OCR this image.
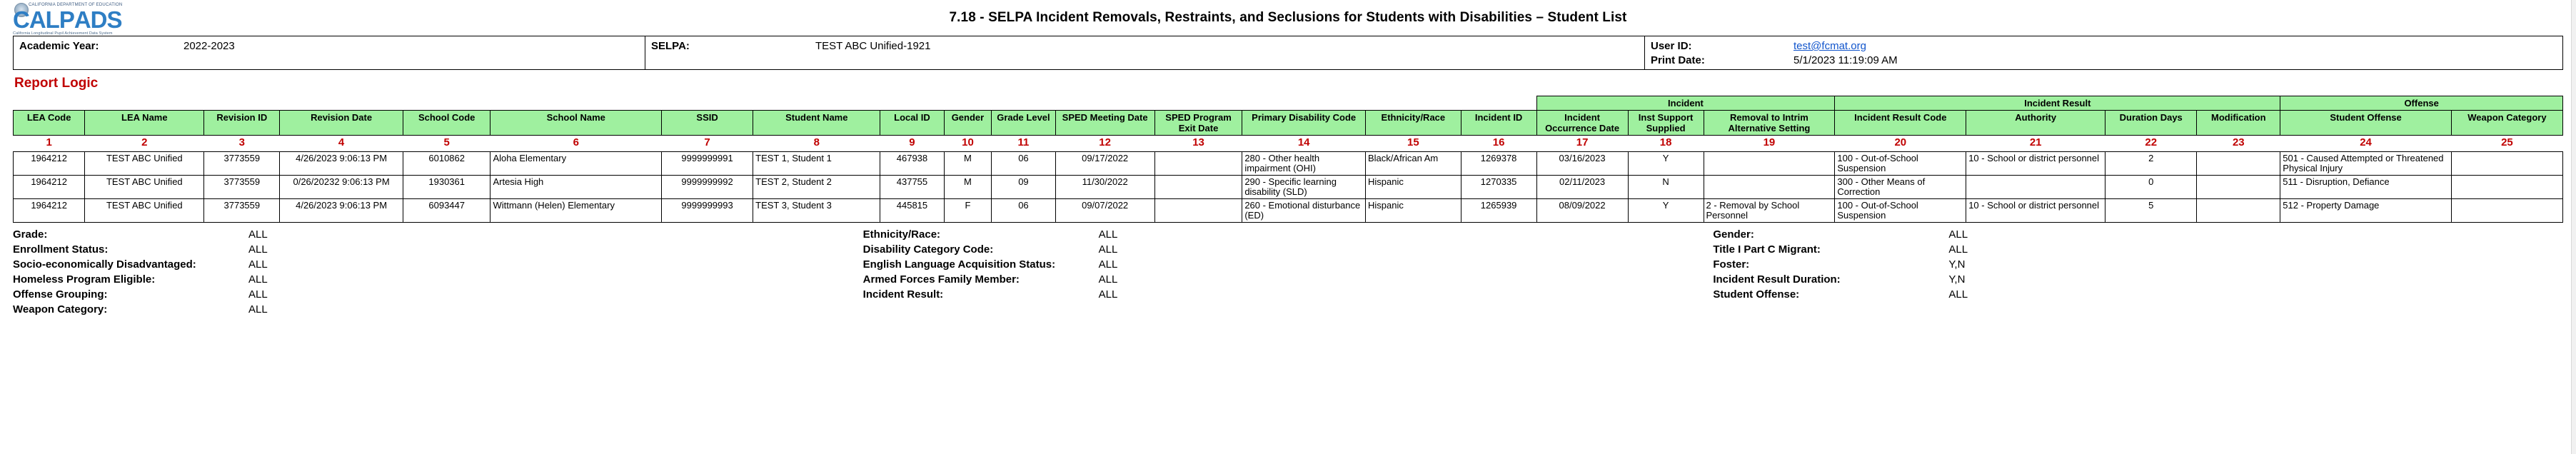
CALIFORNIA DEPARTMENT OF EDUCATION
CALPADS
California Longitudinal Pupil Achievement Data System
7.18 - SELPA Incident Removals, Restraints, and Seclusions for Students with Disabilities – Student List
Academic Year:	2022-2023	SELPA:	TEST ABC Unified-1921	User ID:	test@fcmat.org
Print Date:	5/1/2023 11:19:09 AM
Report Logic
																Incident			Incident Result				Offense	
LEA Code	LEA Name	Revision ID	Revision Date	School Code	School Name	SSID	Student Name	Local ID	Gender	Grade Level	SPED Meeting Date	SPED Program Exit Date	Primary Disability Code	Ethnicity/Race	Incident ID	Incident Occurrence Date	Inst Support Supplied	Removal to Intrim Alternative Setting	Incident Result Code	Authority	Duration Days	Modification	Student Offense	Weapon Category
1	2	3	4	5	6	7	8	9	10	11	12	13	14	15	16	17	18	19	20	21	22	23	24	25
1964212	TEST ABC Unified	3773559	4/26/2023 9:06:13 PM	6010862	Aloha Elementary	9999999991	TEST 1, Student 1	467938	M	06	09/17/2022		280 - Other health impairment (OHI)	Black/African Am	1269378	03/16/2023	Y		100 - Out-of-School Suspension	10 - School or district personnel	2		501 - Caused Attempted or Threatened Physical Injury	
1964212	TEST ABC Unified	3773559	0/26/20232 9:06:13 PM	1930361	Artesia High	9999999992	TEST 2, Student 2	437755	M	09	11/30/2022		290 - Specific learning disability (SLD)	Hispanic	1270335	02/11/2023	N		300 - Other Means of Correction		0		511 - Disruption, Defiance	
1964212	TEST ABC Unified	3773559	4/26/2023 9:06:13 PM	6093447	Wittmann (Helen) Elementary	9999999993	TEST 3, Student 3	445815	F	06	09/07/2022		260 - Emotional disturbance (ED)	Hispanic	1265939	08/09/2022	Y	2 - Removal by School Personnel	100 - Out-of-School Suspension	10 - School or district personnel	5		512 - Property Damage	
Grade:	ALL
Enrollment Status:	ALL
Socio-economically Disadvantaged:	ALL
Homeless Program Eligible:	ALL
Offense Grouping:	ALL
Weapon Category:	ALL
Ethnicity/Race:	ALL
Disability Category Code:	ALL
English Language Acquisition Status:	ALL
Armed Forces Family Member:	ALL
Incident Result:	ALL
Gender:	ALL
Title I Part C Migrant:	ALL
Foster:	Y,N
Incident Result Duration:	Y,N
Student Offense:	ALL
